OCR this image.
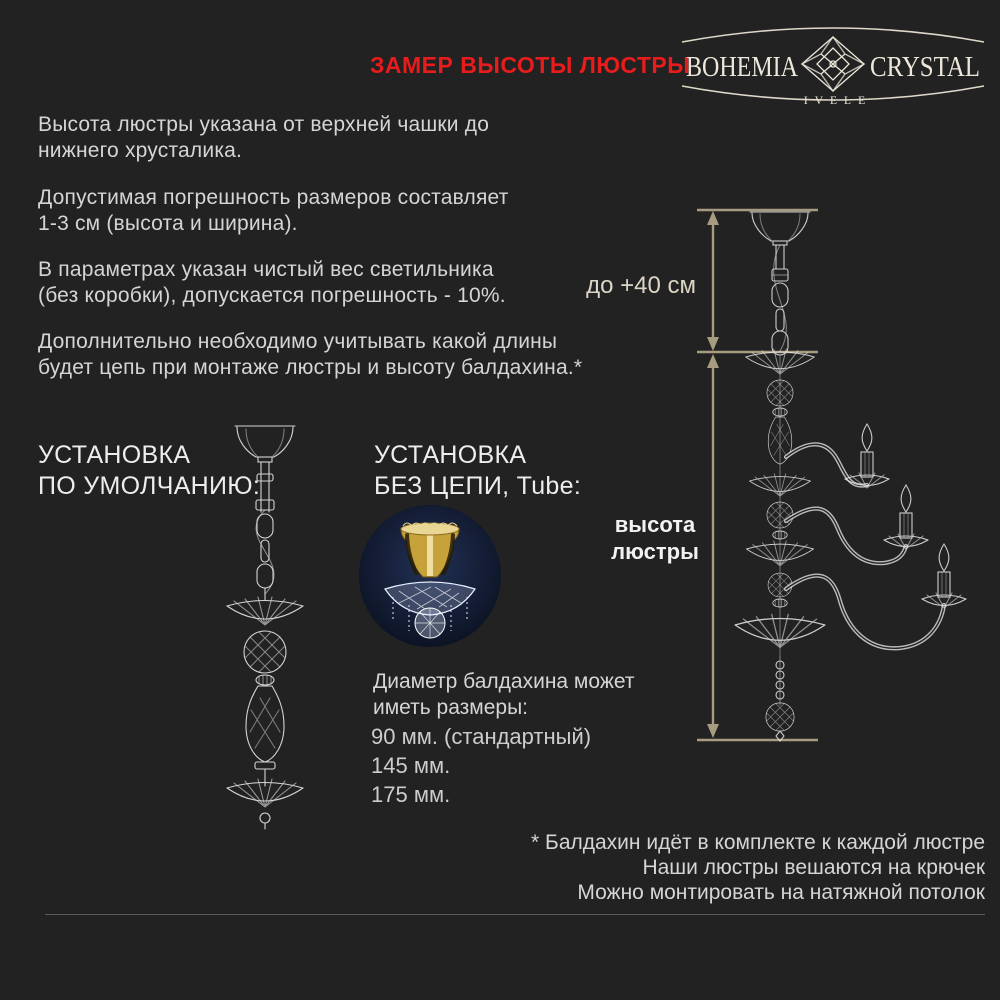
ЗАМЕР ВЫСОТЫ ЛЮСТРЫ
BOHEMIA	CRYSTAL
IVELE
Высота люстры указана от верхней чашки до
нижнего хрусталика.
Допустимая погрешность размеров составляет
1-3 см (высота и ширина).
В параметрах указан чистый вес светильника
(без коробки), допускается погрешность - 10%.
Дополнительно необходимо учитывать какой длины
будет цепь при монтаже люстры и высоту балдахина.*
до +40 см
высота
люстры
УСТАНОВКА
ПО УМОЛЧАНИЮ:
УСТАНОВКА
БЕЗ ЦЕПИ, Tube:
Диаметр балдахина может
иметь размеры:
90 мм. (стандартный)
145 мм.
175 мм.
* Балдахин идёт в комплекте к каждой люстре
Наши люстры вешаются на крючек
Можно монтировать на натяжной потолок
